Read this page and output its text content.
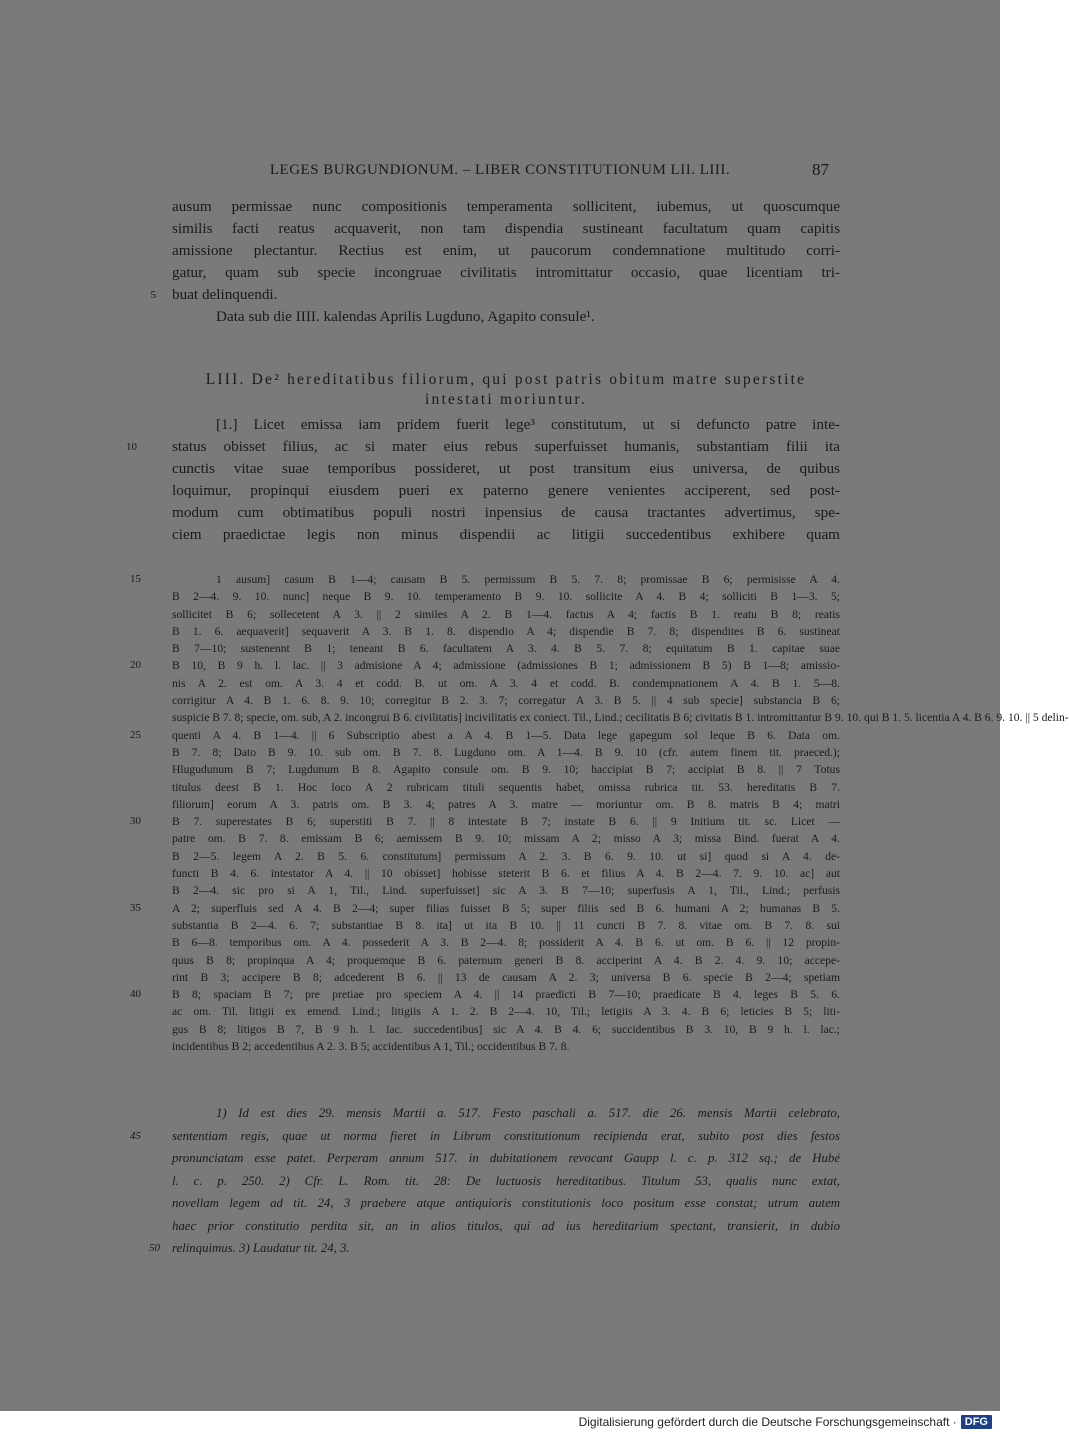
LEGES BURGUNDIONUM. – LIBER CONSTITUTIONUM LII. LIII.	87
ausum permissae nunc compositionis temperamenta sollicitent, iubemus, ut quoscumque
similis facti reatus acquaverit, non tam dispendia sustineant facultatum quam capitis
amissione plectantur. Rectius est enim, ut paucorum condemnatione multitudo corri-
gatur, quam sub specie incongruae civilitatis intromittatur occasio, quae licentiam tri-
5 buat delinquendi.
Data sub die IIII. kalendas Aprilis Lugduno, Agapito consule¹.
LIII. De² hereditatibus filiorum, qui post patris obitum matre superstite
intestati moriuntur.
[1.] Licet emissa iam pridem fuerit lege³ constitutum, ut si defuncto patre inte-
10	status obisset filius, ac si mater eius rebus superfuisset humanis, substantiam filii ita
cunctis vitae suae temporibus possideret, ut post transitum eius universa, de quibus
loquimur, propinqui eiusdem pueri ex paterno genere venientes acciperent, sed post-
modum cum obtimatibus populi nostri inpensius de causa tractantes advertimus, spe-
ciem praedictae legis non minus dispendii ac litigii succedentibus exhibere quam
15	1 ausum] casum B 1—4; causam B 5. permissum B 5. 7. 8; promissae B 6; permisisse A 4.
B 2—4. 9. 10. nunc] neque B 9. 10. temperamento B 9. 10. sollicite A 4. B 4; solliciti B 1—3. 5;
sollicitet B 6; sollecetent A 3. || 2 similes A 2. B 1—4. factus A 4; factis B 1. reatu B 8; reatis
B 1. 6. aequaverit] sequaverit A 3. B 1. 8. dispendio A 4; dispendie B 7. 8; dispendites B 6. sustineat
B 7—10; sustenennt B 1; teneant B 6. facultatem A 3. 4. B 5. 7. 8; equitatum B 1. capitae suae
20	B 10, B 9 h. l. lac. || 3 admisione A 4; admissione (admissiones B 1; admissionem B 5) B 1—8; amissio-
nis A 2. est om. A 3. 4 et codd. B. ut om. A 3. 4 et codd. B. condempnationem A 4. B 1. 5—8.
corrigitur A 4. B 1. 6. 8. 9. 10; corregitur B 2. 3. 7; corregatur A 3. B 5. || 4 sub specie] substancia B 6;
suspicie B 7. 8; specie, om. sub, A 2. incongrui B 6. civilitatis] incivilitatis ex coniect. Til., Lind.; cecilitatis B 6; civitatis B 1. intromittantur B 9. 10. qui B 1. 5. licentia A 4. B 6. 9. 10. || 5 delin-
25	quenti A 4. B 1—4. || 6 Subscriptio abest a A 4. B 1—5. Data lege gapegum sol leque B 6. Data om.
B 7. 8; Dato B 9. 10. sub om. B 7. 8. Lugduno om. A 1—4. B 9. 10 (cfr. autem finem tit. praeced.);
Hlugudunum B 7; Lugdunum B 8. Agapito consule om. B 9. 10; haccipiat B 7; accipiat B 8. || 7 Totus
titulus deest B 1. Hoc loco A 2 rubricam tituli sequentis habet, omissa rubrica tit. 53. hereditatis B 7.
filiorum] eorum A 3. patris om. B 3. 4; patres A 3. matre — moriuntur om. B 8. matris B 4; matri
30	B 7. superestates B 6; superstiti B 7. || 8 intestate B 7; instate B 6. || 9 Initium tit. sc. Licet —
patre om. B 7. 8. emissam B 6; aemissem B 9. 10; missam A 2; misso A 3; missa Bind. fuerat A 4.
B 2—5. legem A 2. B 5. 6. constitutum] permissum A 2. 3. B 6. 9. 10. ut si] quod si A 4. de-
functi B 4. 6. intestator A 4. || 10 obisset] hobisse steterit B 6. et filius A 4. B 2—4. 7. 9. 10. ac] aut
B 2—4. sic pro si A 1, Til., Lind. superfuisset] sic A 3. B 7—10; superfusis A 1, Til., Lind.; perfusis
35	A 2; superfluis sed A 4. B 2—4; super filias fuisset B 5; super filiis sed B 6. humani A 2; humanas B 5.
substantia B 2—4. 6. 7; substantiae B 8. ita] ut ita B 10. || 11 cuncti B 7. 8. vitae om. B 7. 8. sui
B 6—8. temporibus om. A 4. possederit A 3. B 2—4. 8; possiderit A 4. B 6. ut om. B 6. || 12 propin-
quus B 8; propinqua A 4; proquemque B 6. paternum generi B 8. acciperint A 4. B 2. 4. 9. 10; accepe-
rint B 3; accipere B 8; adcederent B 6. || 13 de causam A 2. 3; universa B 6. specie B 2—4; spetiam
40	B 8; spaciam B 7; pre pretiae pro speciem A 4. || 14 praedicti B 7—10; praedicate B 4. leges B 5. 6.
ac om. Til. litigii ex emend. Lind.; litigiis A 1. 2. B 2—4. 10, Til.; letigiis A 3. 4. B 6; leticies B 5; liti-
gus B 8; litigos B 7, B 9 h. l. lac. succedentibus] sic A 4. B 4. 6; succidentibus B 3. 10, B 9 h. l. lac.;
incidentibus B 2; accedentibus A 2. 3. B 5; accidentibus A 1, Til.; occidentibus B 7. 8.
1) Id est dies 29. mensis Martii a. 517. Festo paschali a. 517. die 26. mensis Martii celebrato,
45	sententiam regis, quae ut norma fieret in Librum constitutionum recipienda erat, subito post dies festos
pronunciatam esse patet. Perperam annum 517. in dubitationem revocant Gaupp l. c. p. 312 sq.; de Hubé
l. c. p. 250. 2) Cfr. L. Rom. tit. 28: De luctuosis hereditatibus. Titulum 53, qualis nunc extat,
novellam legem ad tit. 24, 3 praebere atque antiquioris constitutionis loco positum esse constat; utrum autem
haec prior constitutio perdita sit, an in alios titulos, qui ad ius hereditarium spectant, transierit, in dubio
50 relinquimus. 3) Laudatur tit. 24, 3.
Digitalisierung gefördert durch die Deutsche Forschungsgemeinschaft · DFG
